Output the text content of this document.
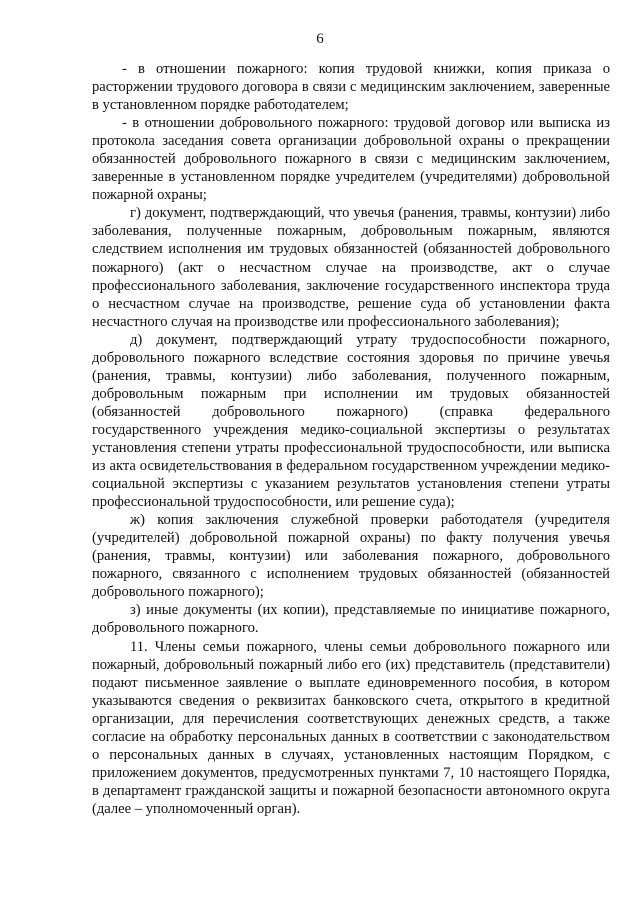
6

- в отношении пожарного: копия трудовой книжки, копия приказа о расторжении трудового договора в связи с медицинским заключением, заверенные в установленном порядке работодателем;

- в отношении добровольного пожарного: трудовой договор или выписка из протокола заседания совета организации добровольной охраны о прекращении обязанностей добровольного пожарного в связи с медицинским заключением, заверенные в установленном порядке учредителем (учредителями) добровольной пожарной охраны;

г) документ, подтверждающий, что увечья (ранения, травмы, контузии) либо заболевания, полученные пожарным, добровольным пожарным, являются следствием исполнения им трудовых обязанностей (обязанностей добровольного пожарного) (акт о несчастном случае на производстве, акт о случае профессионального заболевания, заключение государственного инспектора труда о несчастном случае на производстве, решение суда об установлении факта несчастного случая на производстве или профессионального заболевания);

д) документ, подтверждающий утрату трудоспособности пожарного, добровольного пожарного вследствие состояния здоровья по причине увечья (ранения, травмы, контузии) либо заболевания, полученного пожарным, добровольным пожарным при исполнении им трудовых обязанностей (обязанностей добровольного пожарного) (справка федерального государственного учреждения медико-социальной экспертизы о результатах установления степени утраты профессиональной трудоспособности, или выписка из акта освидетельствования в федеральном государственном учреждении медико-социальной экспертизы с указанием результатов установления степени утраты профессиональной трудоспособности, или решение суда);

ж) копия заключения служебной проверки работодателя (учредителя (учредителей) добровольной пожарной охраны) по факту получения увечья (ранения, травмы, контузии) или заболевания пожарного, добровольного пожарного, связанного с исполнением трудовых обязанностей (обязанностей добровольного пожарного);

з) иные документы (их копии), представляемые по инициативе пожарного, добровольного пожарного.

11. Члены семьи пожарного, члены семьи добровольного пожарного или пожарный, добровольный пожарный либо его (их) представитель (представители) подают письменное заявление о выплате единовременного пособия, в котором указываются сведения о реквизитах банковского счета, открытого в кредитной организации, для перечисления соответствующих денежных средств, а также согласие на обработку персональных данных в соответствии с законодательством о персональных данных в случаях, установленных настоящим Порядком, с приложением документов, предусмотренных пунктами 7, 10 настоящего Порядка, в департамент гражданской защиты и пожарной безопасности автономного округа (далее – уполномоченный орган).
